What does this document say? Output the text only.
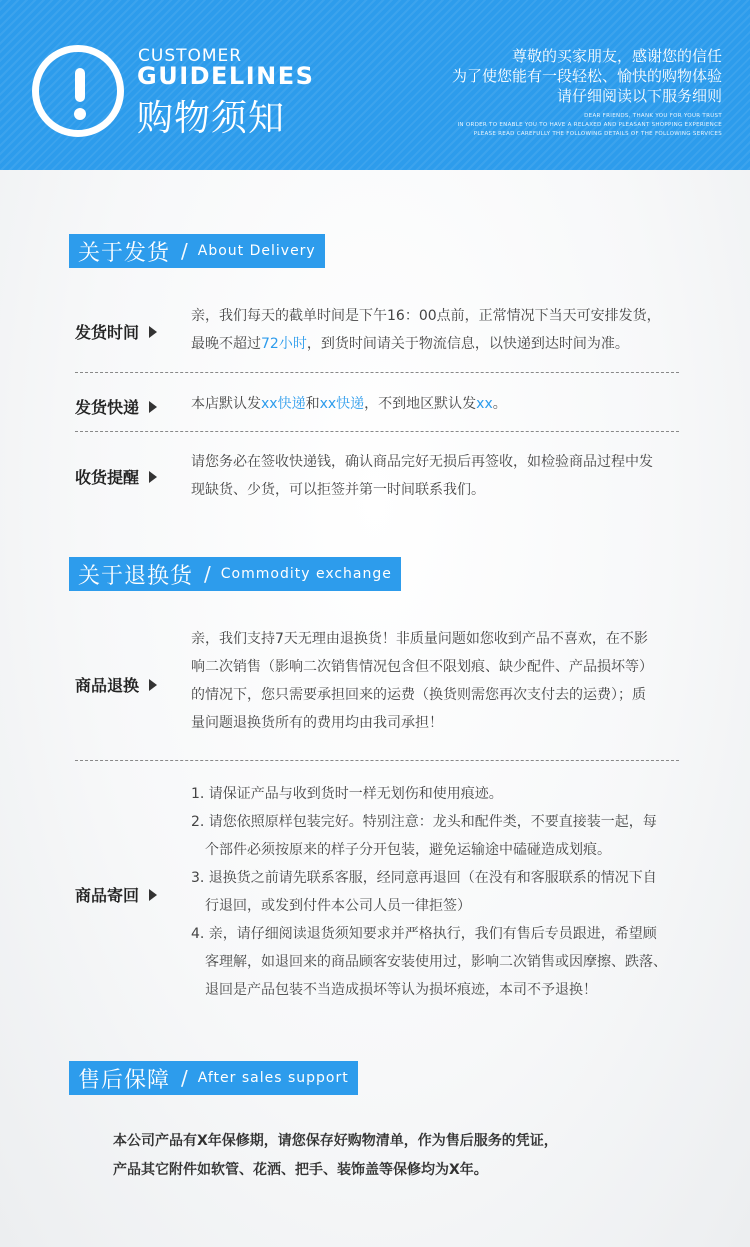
CUSTOMER
GUIDELINES
购物须知
尊敬的买家朋友，感谢您的信任
为了使您能有一段轻松、愉快的购物体验
请仔细阅读以下服务细则
DEAR FRIENDS, THANK YOU FOR YOUR TRUST
IN ORDER TO ENABLE YOU TO HAVE A RELAXED AND PLEASANT SHOPPING EXPERIENCE
PLEASE READ CAREFULLY THE FOLLOWING DETAILS OF THE FOLLOWING SERVICES
关于发货 / About Delivery
发货时间
亲，我们每天的截单时间是下午16：00点前，正常情况下当天可安排发货，
最晚不超过72小时，到货时间请关于物流信息，以快递到达时间为准。
发货快递	本店默认发xx快递和xx快递，不到地区默认发xx。
收货提醒
请您务必在签收快递钱，确认商品完好无损后再签收，如检验商品过程中发
现缺货、少货，可以拒签并第一时间联系我们。
关于退换货 / Commodity exchange
商品退换
亲，我们支持7天无理由退换货！非质量问题如您收到产品不喜欢，在不影
响二次销售（影响二次销售情况包含但不限划痕、缺少配件、产品损坏等）
的情况下，您只需要承担回来的运费（换货则需您再次支付去的运费）；质
量问题退换货所有的费用均由我司承担！
商品寄回
1. 请保证产品与收到货时一样无划伤和使用痕迹。
2. 请您依照原样包装完好。特别注意：龙头和配件类，不要直接装一起，每
个部件必须按原来的样子分开包装，避免运输途中磕碰造成划痕。
3. 退换货之前请先联系客服，经同意再退回（在没有和客服联系的情况下自
行退回，或发到付件本公司人员一律拒签）
4. 亲，请仔细阅读退货须知要求并严格执行，我们有售后专员跟进，希望顾
客理解，如退回来的商品顾客安装使用过，影响二次销售或因摩擦、跌落、
退回是产品包装不当造成损坏等认为损坏痕迹，本司不予退换！
售后保障 / After sales support
本公司产品有X年保修期，请您保存好购物清单，作为售后服务的凭证，
产品其它附件如软管、花洒、把手、装饰盖等保修均为X年。
